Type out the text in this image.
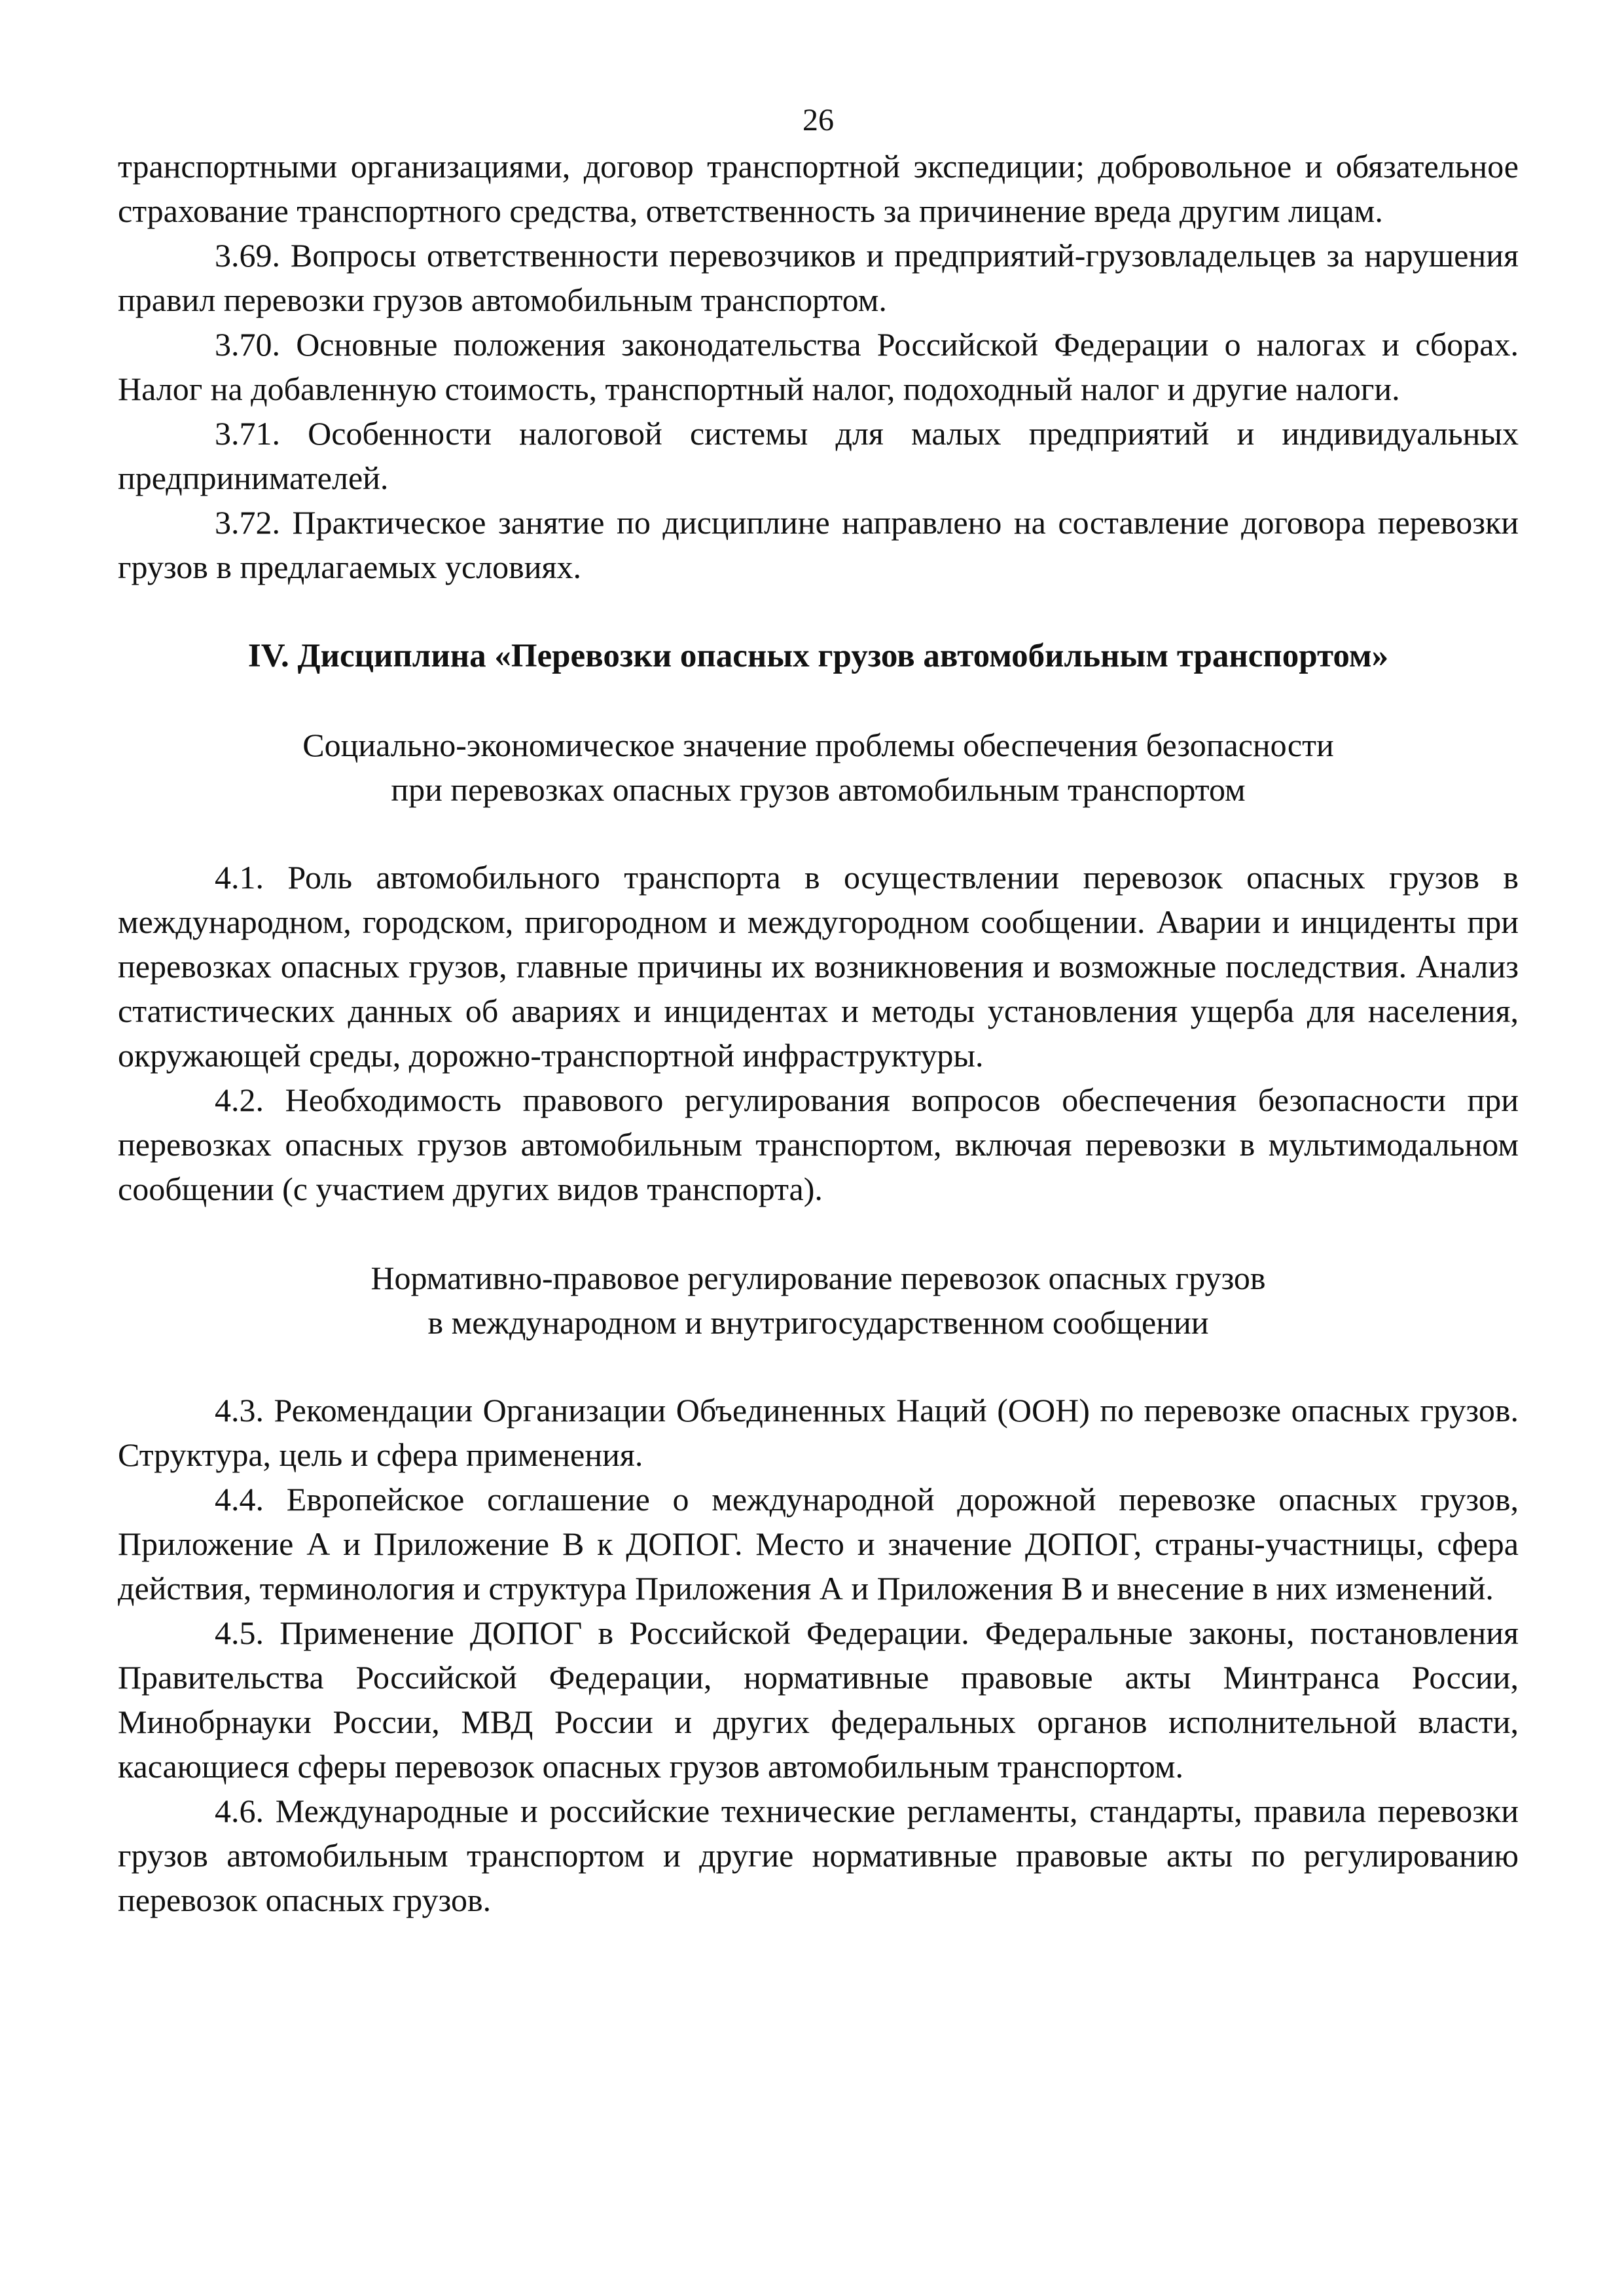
26

транспортными организациями, договор транспортной экспедиции; добровольное и обязательное страхование транспортного средства, ответственность за причинение вреда другим лицам.

3.69. Вопросы ответственности перевозчиков и предприятий-грузовладельцев за нарушения правил перевозки грузов автомобильным транспортом.

3.70. Основные положения законодательства Российской Федерации о налогах и сборах. Налог на добавленную стоимость, транспортный налог, подоходный налог и другие налоги.

3.71. Особенности налоговой системы для малых предприятий и индивидуальных предпринимателей.

3.72. Практическое занятие по дисциплине направлено на составление договора перевозки грузов в предлагаемых условиях.

IV. Дисциплина «Перевозки опасных грузов автомобильным транспортом»
Социально-экономическое значение проблемы обеспечения безопасности
при перевозках опасных грузов автомобильным транспортом

4.1. Роль автомобильного транспорта в осуществлении перевозок опасных грузов в международном, городском, пригородном и междугородном сообщении. Аварии и инциденты при перевозках опасных грузов, главные причины их возникновения и возможные последствия. Анализ статистических данных об авариях и инцидентах и методы установления ущерба для населения, окружающей среды, дорожно-транспортной инфраструктуры.

4.2. Необходимость правового регулирования вопросов обеспечения безопасности при перевозках опасных грузов автомобильным транспортом, включая перевозки в мультимодальном сообщении (с участием других видов транспорта).

Нормативно-правовое регулирование перевозок опасных грузов
в международном и внутригосударственном сообщении

4.3. Рекомендации Организации Объединенных Наций (ООН) по перевозке опасных грузов. Структура, цель и сфера применения.

4.4. Европейское соглашение о международной дорожной перевозке опасных грузов, Приложение А и Приложение В к ДОПОГ. Место и значение ДОПОГ, страны-участницы, сфера действия, терминология и структура Приложения А и Приложения В и внесение в них изменений.

4.5. Применение ДОПОГ в Российской Федерации. Федеральные законы, постановления Правительства Российской Федерации, нормативные правовые акты Минтранса России, Минобрнауки России, МВД России и других федеральных органов исполнительной власти, касающиеся сферы перевозок опасных грузов автомобильным транспортом.

4.6. Международные и российские технические регламенты, стандарты, правила перевозки грузов автомобильным транспортом и другие нормативные правовые акты по регулированию перевозок опасных грузов.
